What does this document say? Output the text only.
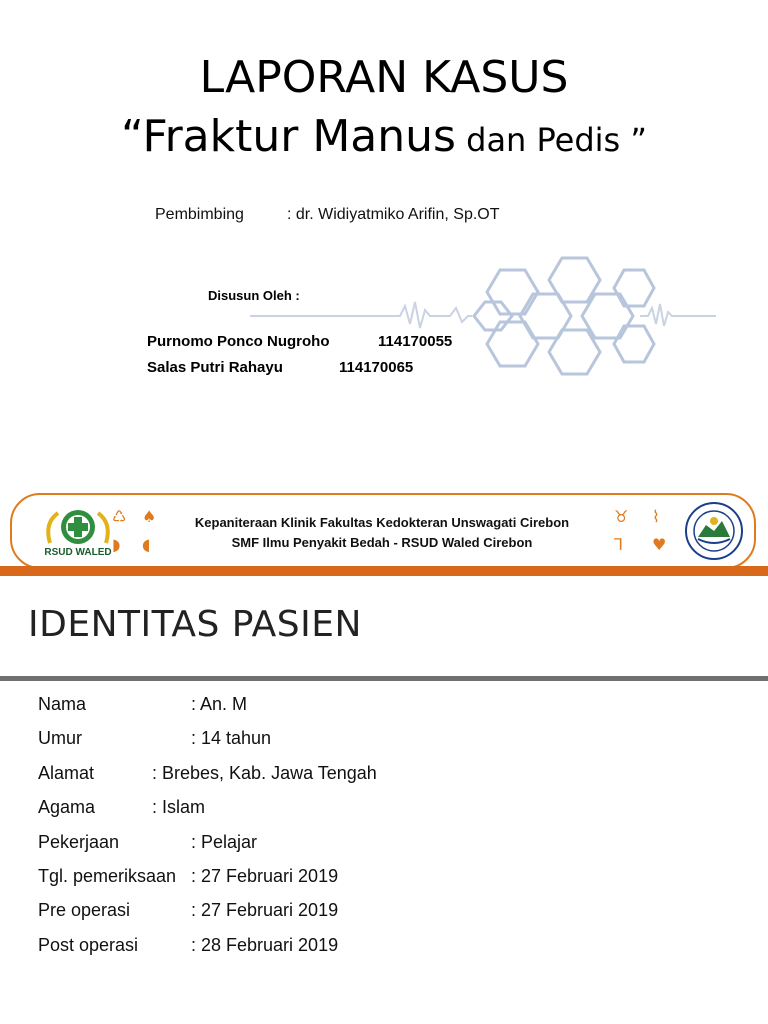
LAPORAN KASUS
“Fraktur Manus dan Pedis ”
Pembimbing	: dr. Widiyatmiko Arifin, Sp.OT
Disusun Oleh :
Purnomo Ponco Nugroho	114170055
Salas Putri Rahayu	114170065
RSUD WALED
♺ ♠
◗ ◖
Kepaniteraan Klinik Fakultas Kedokteran Unswagati Cirebon
SMF Ilmu Penyakit Bedah - RSUD Waled Cirebon
♉ ⌇
⅂ ♥
IDENTITAS PASIEN
Nama	: An. M
Umur	: 14 tahun
Alamat	: Brebes, Kab. Jawa Tengah
Agama	: Islam
Pekerjaan	: Pelajar
Tgl. pemeriksaan : 27 Februari 2019
Pre operasi	: 27 Februari 2019
Post operasi	: 28 Februari 2019
